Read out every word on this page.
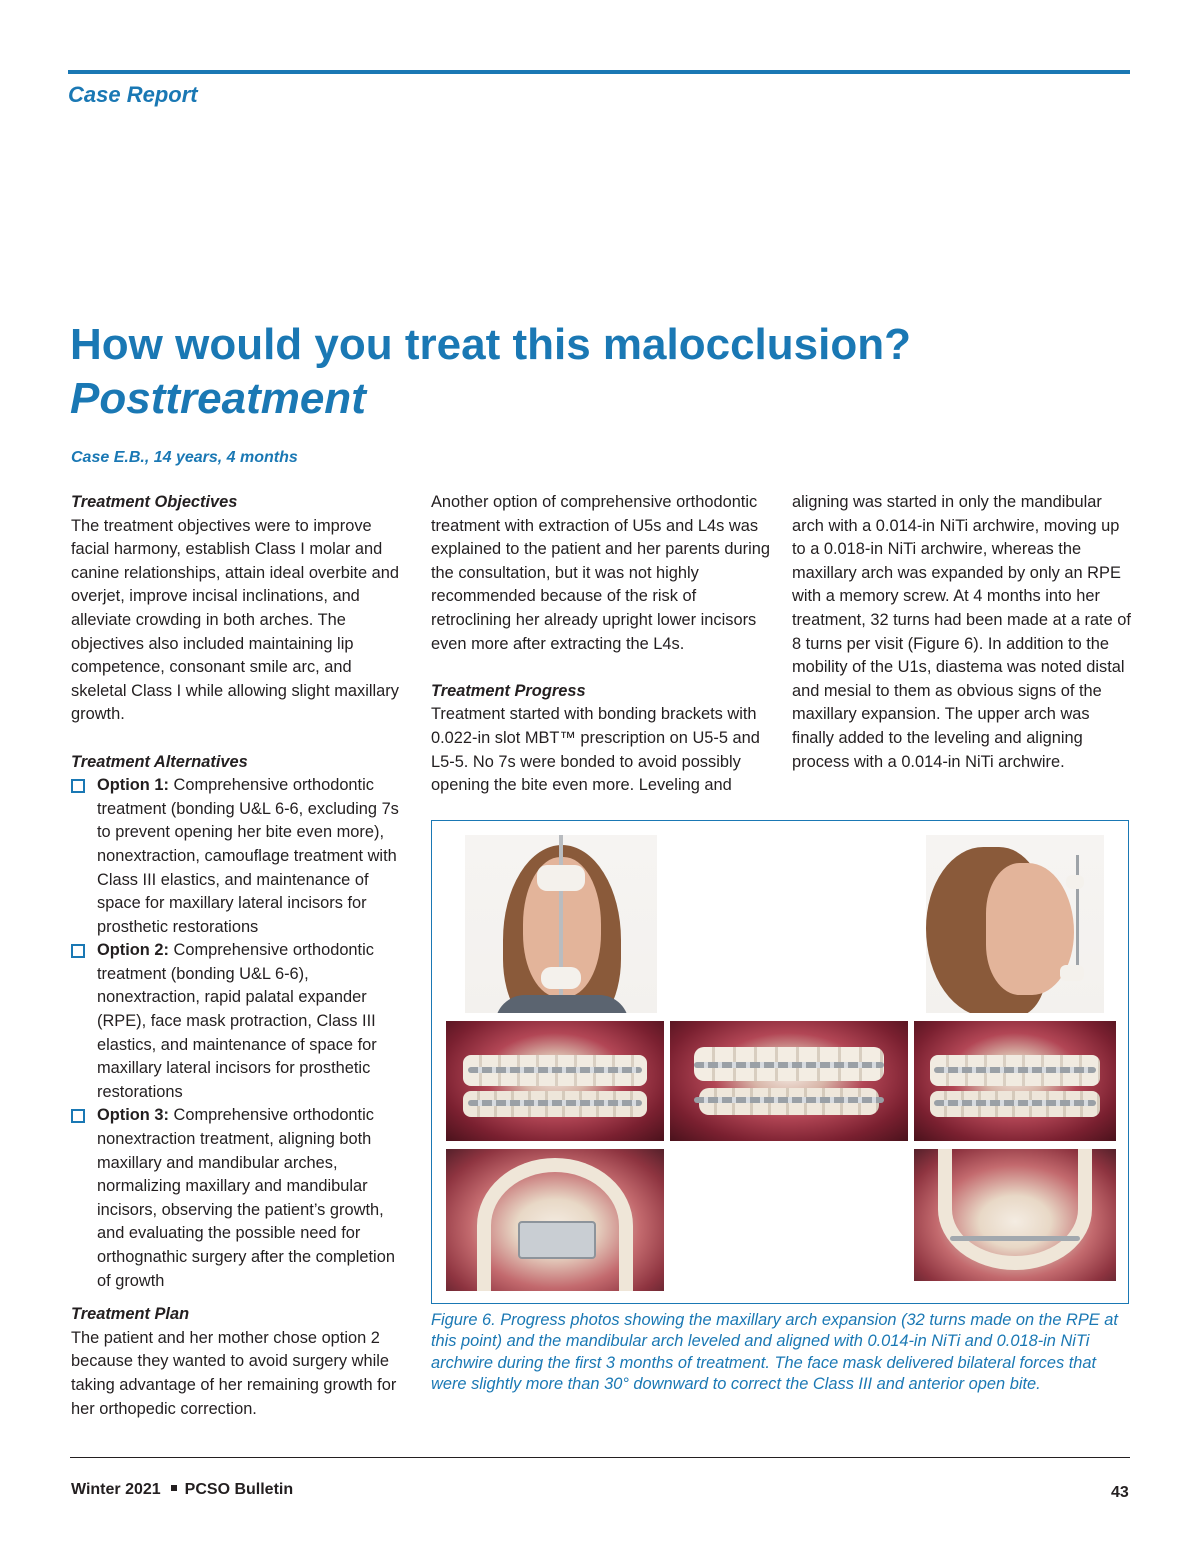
Case Report
How would you treat this malocclusion?
Posttreatment
Case E.B., 14 years, 4 months
Treatment Objectives

The treatment objectives were to improve facial harmony, establish Class I molar and canine relationships, attain ideal overbite and overjet, improve incisal inclinations, and alleviate crowding in both arches. The objectives also included maintaining lip competence, consonant smile arc, and skeletal Class I while allowing slight maxillary growth.

Treatment Alternatives
Option 1: Comprehensive orthodontic treatment (bonding U&L 6-6, excluding 7s to prevent opening her bite even more), nonextraction, camouflage treatment with Class III elastics, and maintenance of space for maxillary lateral incisors for prosthetic restorations
Option 2: Comprehensive orthodontic treatment (bonding U&L 6-6), nonextraction, rapid palatal expander (RPE), face mask protraction, Class III elastics, and maintenance of space for maxillary lateral incisors for prosthetic restorations
Option 3: Comprehensive orthodontic nonextraction treatment, aligning both maxillary and mandibular arches, normalizing maxillary and mandibular incisors, observing the patient’s growth, and evaluating the possible need for orthognathic surgery after the completion of growth
Treatment Plan

The patient and her mother chose option 2 because they wanted to avoid surgery while taking advantage of her remaining growth for her orthopedic correction.

Another option of comprehensive orthodontic treatment with extraction of U5s and L4s was explained to the patient and her parents during the consultation, but it was not highly recommended because of the risk of retroclining her already upright lower incisors even more after extracting the L4s.

Treatment Progress

Treatment started with bonding brackets with 0.022-in slot MBT™ prescription on U5-5 and L5-5. No 7s were bonded to avoid possibly opening the bite even more. Leveling and

Figure 6. Progress photos showing the maxillary arch expansion (32 turns made on the RPE at this point) and the mandibular arch leveled and aligned with 0.014-in NiTi and 0.018-in NiTi archwire during the first 3 months of treatment. The face mask delivered bilateral forces that were slightly more than 30° downward to correct the Class III and anterior open bite.
Winter 2021 PCSO Bulletin	43

aligning was started in only the mandibular arch with a 0.014-in NiTi archwire, moving up to a 0.018-in NiTi archwire, whereas the maxillary arch was expanded by only an RPE with a memory screw. At 4 months into her treatment, 32 turns had been made at a rate of 8 turns per visit (Figure 6). In addition to the mobility of the U1s, diastema was noted distal and mesial to them as obvious signs of the maxillary expansion. The upper arch was finally added to the leveling and aligning process with a 0.014-in NiTi archwire.
